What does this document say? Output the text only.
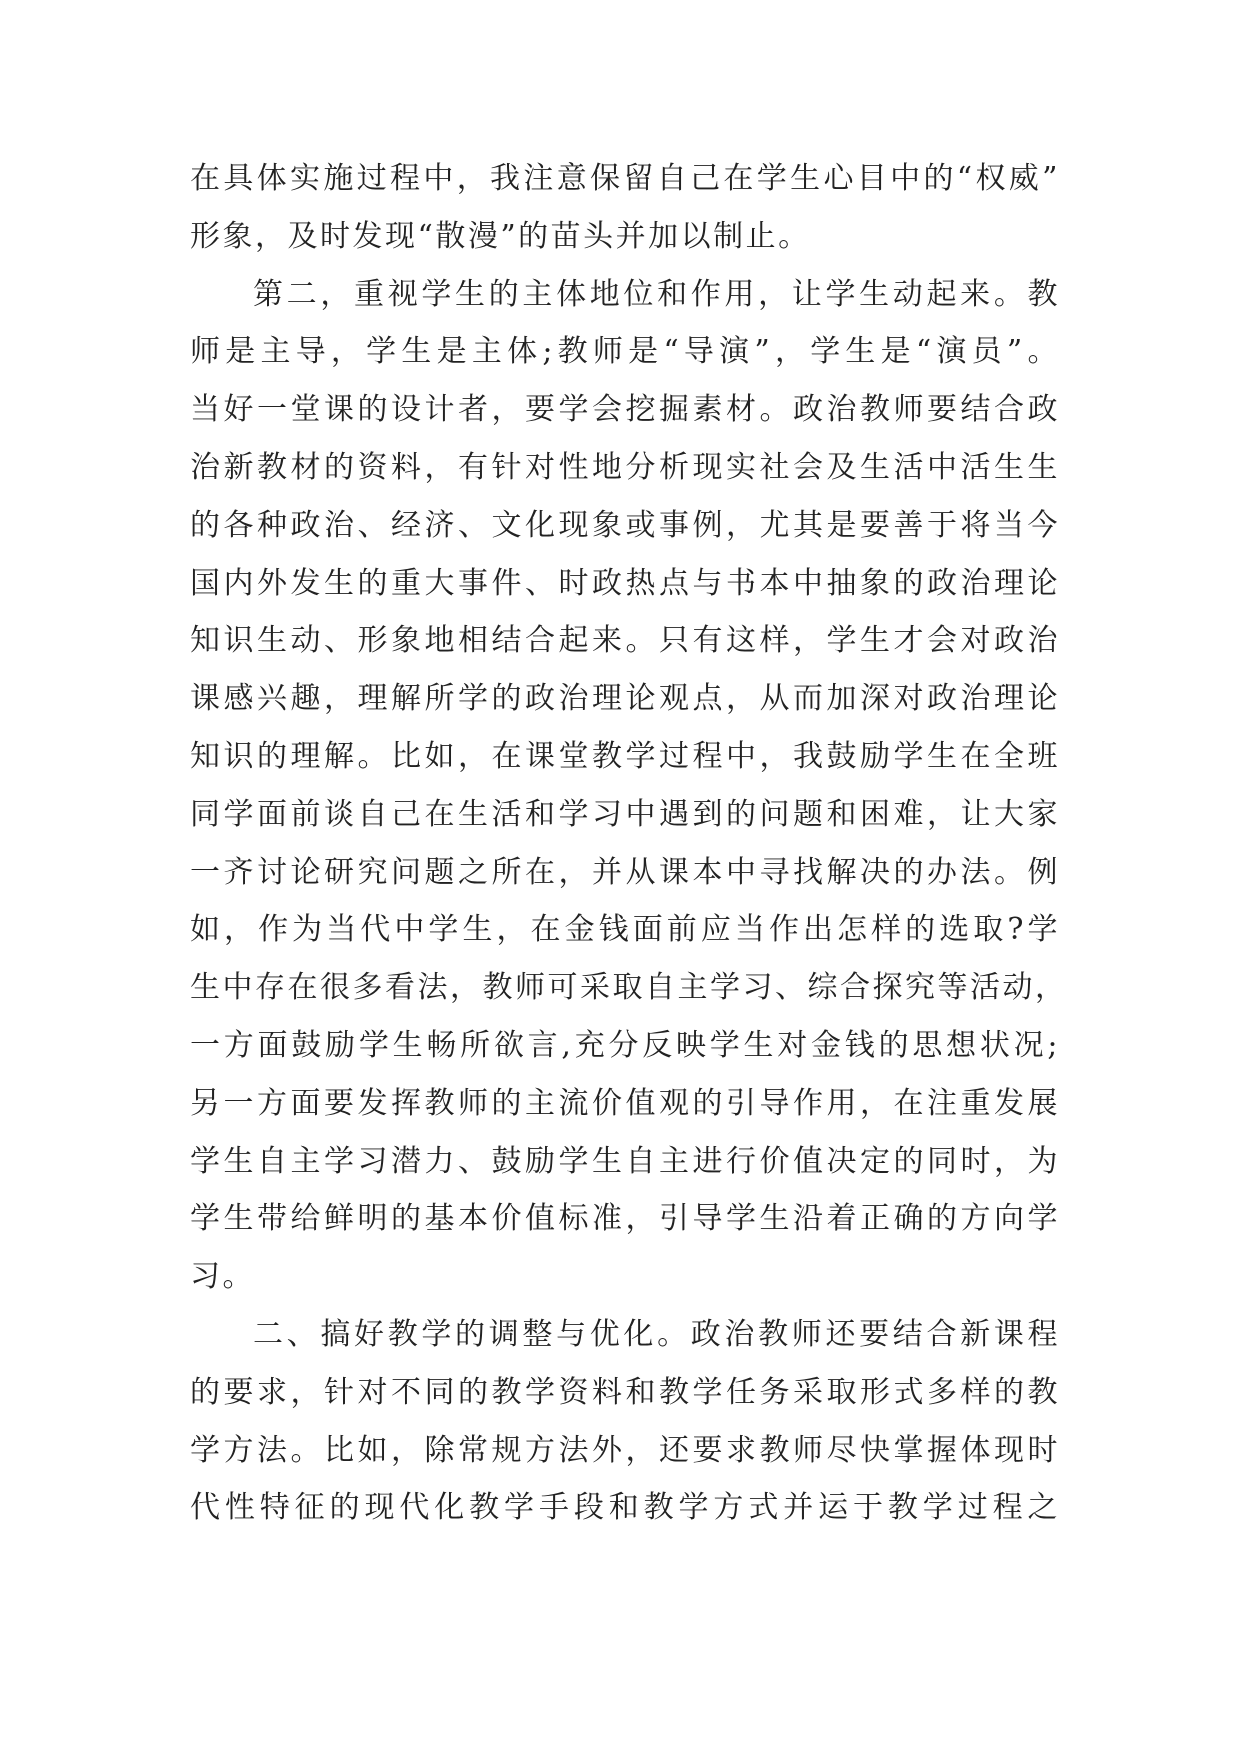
在具体实施过程中，我注意保留自己在学生心目中的“权威”
形象，及时发现“散漫”的苗头并加以制止。
第二，重视学生的主体地位和作用，让学生动起来。教
师是主导，学生是主体;教师是“导演”，学生是“演员”。
当好一堂课的设计者，要学会挖掘素材。政治教师要结合政
治新教材的资料，有针对性地分析现实社会及生活中活生生
的各种政治、经济、文化现象或事例，尤其是要善于将当今
国内外发生的重大事件、时政热点与书本中抽象的政治理论
知识生动、形象地相结合起来。只有这样，学生才会对政治
课感兴趣，理解所学的政治理论观点，从而加深对政治理论
知识的理解。比如，在课堂教学过程中，我鼓励学生在全班
同学面前谈自己在生活和学习中遇到的问题和困难，让大家
一齐讨论研究问题之所在，并从课本中寻找解决的办法。例
如，作为当代中学生，在金钱面前应当作出怎样的选取?学
生中存在很多看法，教师可采取自主学习、综合探究等活动，
一方面鼓励学生畅所欲言,充分反映学生对金钱的思想状况;
另一方面要发挥教师的主流价值观的引导作用，在注重发展
学生自主学习潜力、鼓励学生自主进行价值决定的同时，为
学生带给鲜明的基本价值标准，引导学生沿着正确的方向学
习。
二、搞好教学的调整与优化。政治教师还要结合新课程
的要求，针对不同的教学资料和教学任务采取形式多样的教
学方法。比如，除常规方法外，还要求教师尽快掌握体现时
代性特征的现代化教学手段和教学方式并运于教学过程之
